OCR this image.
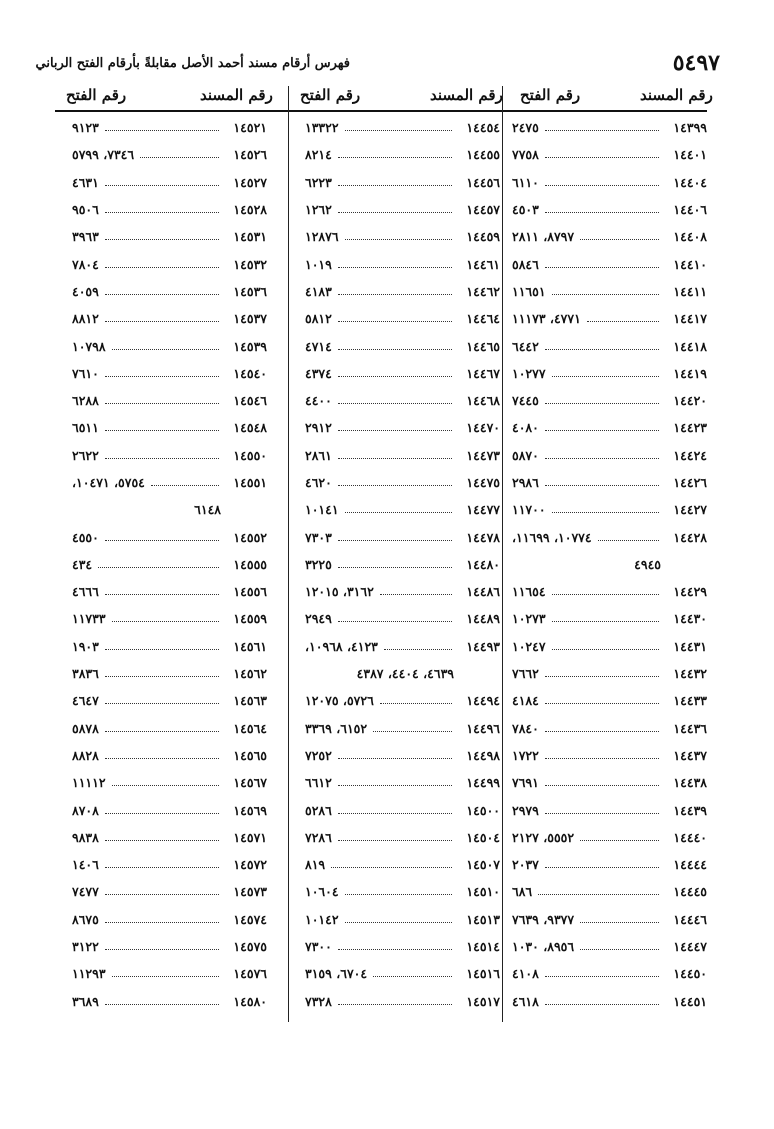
٥٤٩٧
فهرس أرقام مسند أحمد الأصل مقابلةً بأرقام الفتح الرباني
رقم المسند
رقم الفتح
رقم المسند
رقم الفتح
رقم المسند
رقم الفتح
١٤٣٩٩
٢٤٧٥
١٤٤٠١
٧٧٥٨
١٤٤٠٤
٦١١٠
١٤٤٠٦
٤٥٠٣
١٤٤٠٨
٨٧٩٧، ٢٨١١
١٤٤١٠
٥٨٤٦
١٤٤١١
١١٦٥١
١٤٤١٧
٤٧٧١، ١١١٧٣
١٤٤١٨
٦٤٤٢
١٤٤١٩
١٠٢٧٧
١٤٤٢٠
٧٤٤٥
١٤٤٢٣
٤٠٨٠
١٤٤٢٤
٥٨٧٠
١٤٤٢٦
٢٩٨٦
١٤٤٢٧
١١٧٠٠
١٤٤٢٨
١٠٧٧٤، ١١٦٩٩،
٤٩٤٥
١٤٤٢٩
١١٦٥٤
١٤٤٣٠
١٠٢٧٣
١٤٤٣١
١٠٢٤٧
١٤٤٣٢
٧٦٦٢
١٤٤٣٣
٤١٨٤
١٤٤٣٦
٧٨٤٠
١٤٤٣٧
١٧٢٢
١٤٤٣٨
٧٦٩١
١٤٤٣٩
٢٩٧٩
١٤٤٤٠
٥٥٥٢، ٢١٢٧
١٤٤٤٤
٢٠٣٧
١٤٤٤٥
٦٨٦
١٤٤٤٦
٩٣٧٧، ٧٦٣٩
١٤٤٤٧
٨٩٥٦، ١٠٣٠
١٤٤٥٠
٤١٠٨
١٤٤٥١
٤٦١٨
١٤٤٥٤
١٣٣٢٢
١٤٤٥٥
٨٢١٤
١٤٤٥٦
٦٢٢٣
١٤٤٥٧
١٢٦٢
١٤٤٥٩
١٢٨٧٦
١٤٤٦١
١٠١٩
١٤٤٦٢
٤١٨٣
١٤٤٦٤
٥٨١٢
١٤٤٦٥
٤٧١٤
١٤٤٦٧
٤٣٧٤
١٤٤٦٨
٤٤٠٠
١٤٤٧٠
٢٩١٢
١٤٤٧٣
٢٨٦١
١٤٤٧٥
٤٦٢٠
١٤٤٧٧
١٠١٤١
١٤٤٧٨
٧٣٠٣
١٤٤٨٠
٣٢٢٥
١٤٤٨٦
٣١٦٢، ١٢٠١٥
١٤٤٨٩
٢٩٤٩
١٤٤٩٣
٤١٢٣، ١٠٩٦٨،
٤٦٣٩، ٤٤٠٤، ٤٣٨٧
١٤٤٩٤
٥٧٢٦، ١٢٠٧٥
١٤٤٩٦
٦١٥٢، ٣٣٦٩
١٤٤٩٨
٧٢٥٢
١٤٤٩٩
٦٦١٢
١٤٥٠٠
٥٢٨٦
١٤٥٠٤
٧٢٨٦
١٤٥٠٧
٨١٩
١٤٥١٠
١٠٦٠٤
١٤٥١٣
١٠١٤٢
١٤٥١٤
٧٣٠٠
١٤٥١٦
٦٧٠٤، ٣١٥٩
١٤٥١٧
٧٣٢٨
١٤٥٢١
٩١٢٣
١٤٥٢٦
٧٣٤٦، ٥٧٩٩
١٤٥٢٧
٤٦٣١
١٤٥٢٨
٩٥٠٦
١٤٥٣١
٣٩٦٣
١٤٥٣٢
٧٨٠٤
١٤٥٣٦
٤٠٥٩
١٤٥٣٧
٨٨١٢
١٤٥٣٩
١٠٧٩٨
١٤٥٤٠
٧٦١٠
١٤٥٤٦
٦٢٨٨
١٤٥٤٨
٦٥١١
١٤٥٥٠
٢٦٢٢
١٤٥٥١
٥٧٥٤، ١٠٤٧١،
٦١٤٨
١٤٥٥٢
٤٥٥٠
١٤٥٥٥
٤٣٤
١٤٥٥٦
٤٦٦٦
١٤٥٥٩
١١٧٣٣
١٤٥٦١
١٩٠٣
١٤٥٦٢
٣٨٣٦
١٤٥٦٣
٤٦٤٧
١٤٥٦٤
٥٨٧٨
١٤٥٦٥
٨٨٢٨
١٤٥٦٧
١١١١٢
١٤٥٦٩
٨٧٠٨
١٤٥٧١
٩٨٣٨
١٤٥٧٢
١٤٠٦
١٤٥٧٣
٧٤٧٧
١٤٥٧٤
٨٦٧٥
١٤٥٧٥
٣١٢٢
١٤٥٧٦
١١٢٩٣
١٤٥٨٠
٣٦٨٩
